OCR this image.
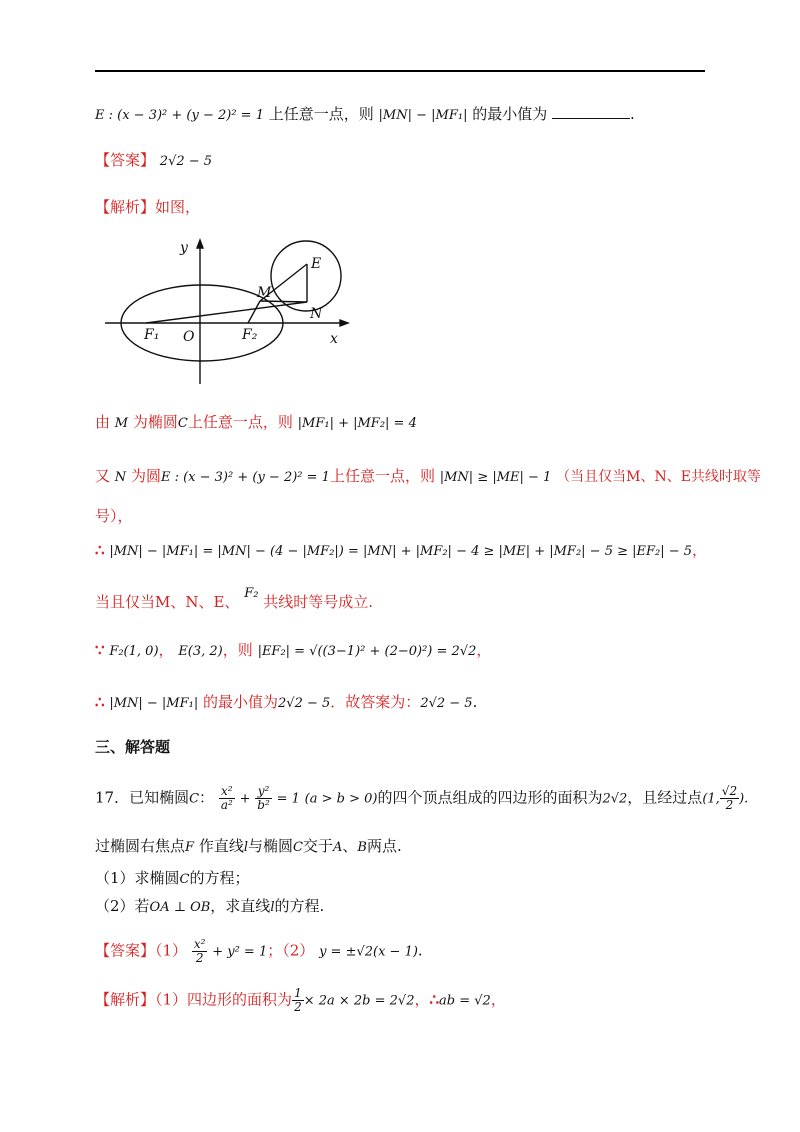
E : (x − 3)² + (y − 2)² = 1 上任意一点，则 |MN| − |MF₁| 的最小值为	.
【答案】 2√2 − 5
【解析】如图，
y
x
E
M
N
F₁ O	F₂
由 M 为椭圆C上任意一点，则 |MF₁| + |MF₂| = 4
又 N 为圆E : (x − 3)² + (y − 2)² = 1上任意一点，则 |MN| ≥ |ME| − 1 （当且仅当M、N、E共线时取等
号），
∴ |MN| − |MF₁| = |MN| − (4 − |MF₂|) = |MN| + |MF₂| − 4 ≥ |ME| + |MF₂| − 5 ≥ |EF₂| − 5，
当且仅当M、N、E、 F₂ 共线时等号成立.
∵ F₂(1, 0)， E(3, 2)，则 |EF₂| = √((3−1)² + (2−0)²) = 2√2，
∴ |MN| − |MF₁| 的最小值为2√2 − 5．故答案为：2√2 − 5.
三、解答题
17．已知椭圆C： $\frac{\text{x²}}{\text{a²}} + \frac{\text{y²}}{\text{b²}} = 1$ (a > b > 0)的四个顶点组成的四边形的面积为2√2，且经过点(1, $\frac{√2}{2}$ ).
过椭圆右焦点F 作直线l与椭圆C交于A、B两点.
（1）求椭圆C的方程；
（2）若OA ⊥ OB，求直线l的方程.
【答案】$(1) \frac{\text{x²}}{2} + y^2 = 1$；（2） y = ±√2(x − 1).
【解析】（1）四边形的面积为 $\frac{1}{2} \times 2a \times 2b = 2√2$，∴ab = √2，
